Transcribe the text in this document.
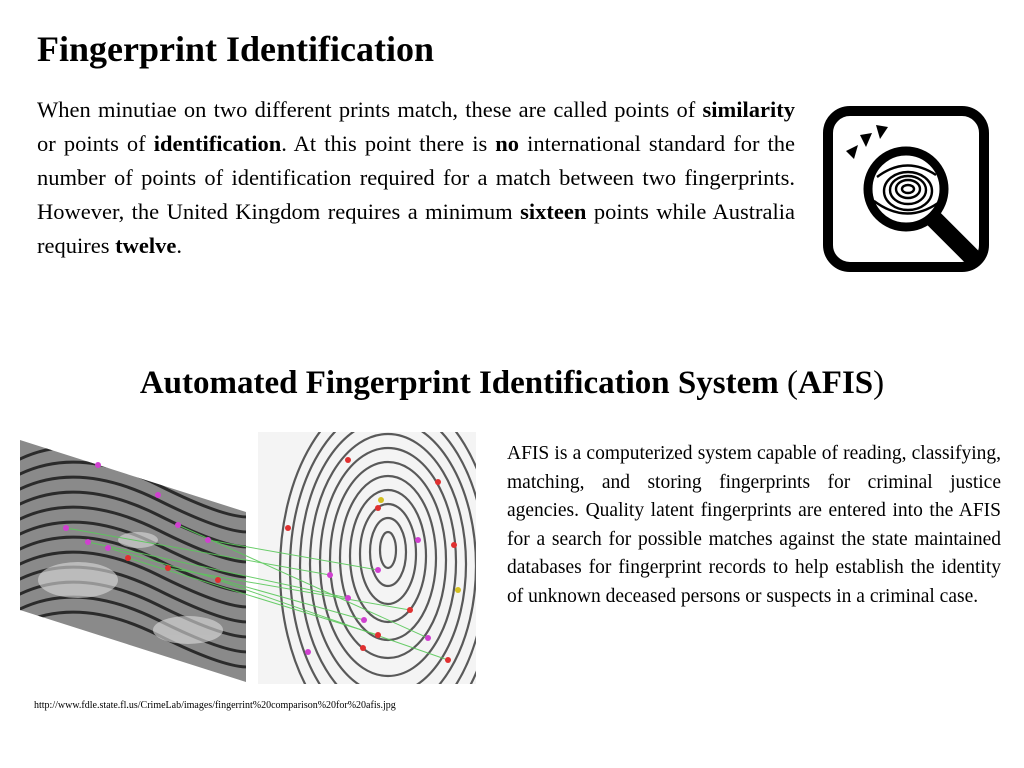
Fingerprint Identification

When minutiae on two different prints match, these are called points of similarity or points of identification. At this point there is no international standard for the number of points of identification required for a match between two fingerprints. However, the United Kingdom requires a minimum sixteen points while Australia requires twelve.

Automated Fingerprint Identification System (AFIS)

AFIS is a computerized system capable of reading, classifying, matching, and storing fingerprints for criminal justice agencies. Quality latent fingerprints are entered into the AFIS for a search for possible matches against the state maintained databases for fingerprint records to help establish the identity of unknown deceased persons or suspects in a criminal case.

http://www.fdle.state.fl.us/CrimeLab/images/fingerrint%20comparison%20for%20afis.jpg
